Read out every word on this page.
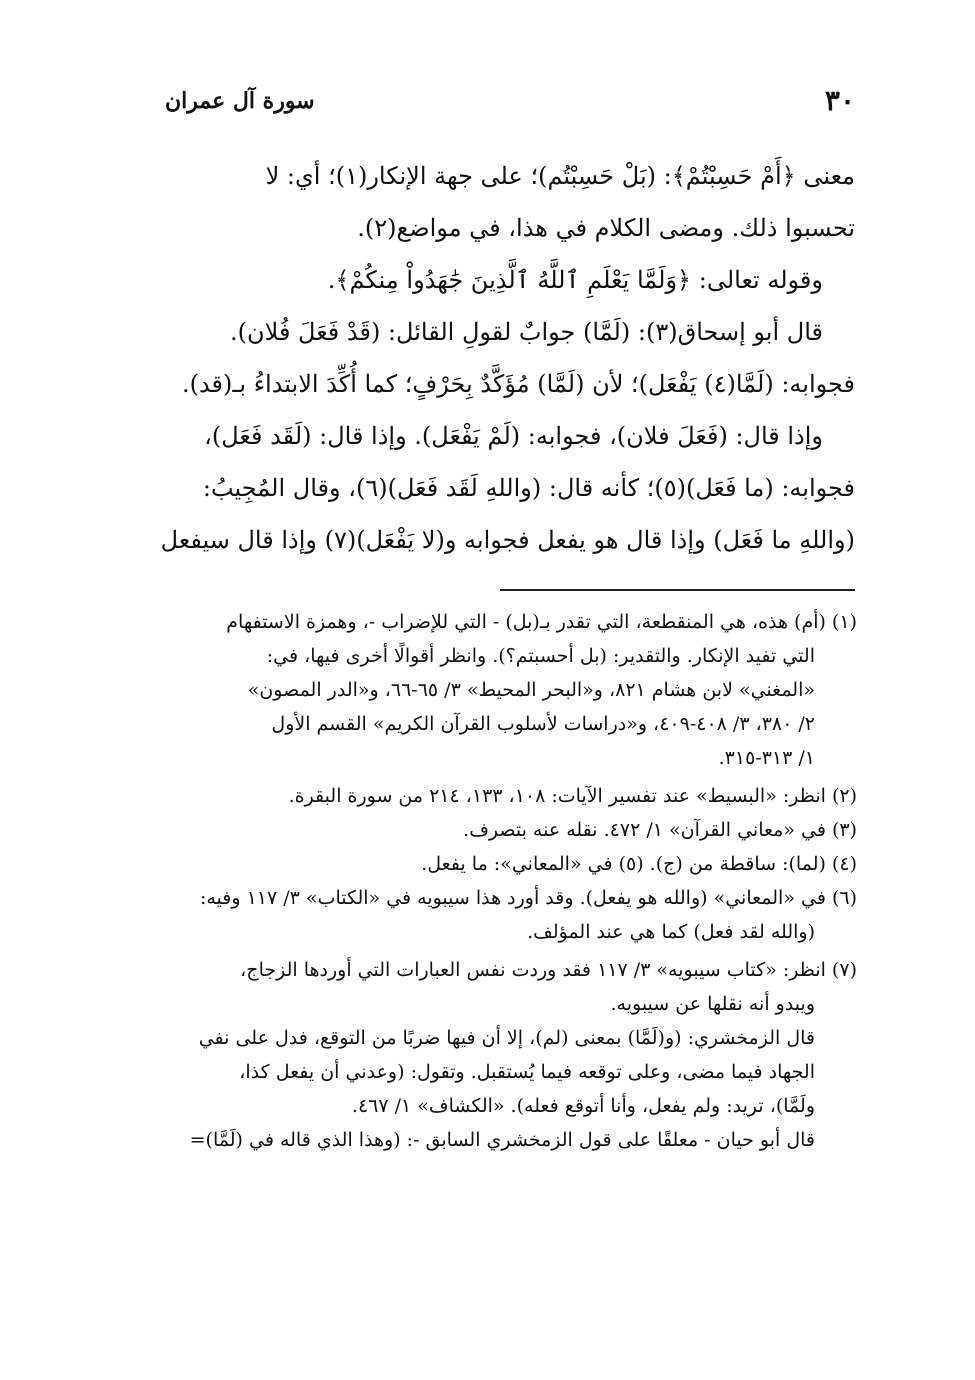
٣٠
سورة آل عمران
معنى ﴿أَمْ حَسِبْتُمْ﴾: (بَلْ حَسِبْتُم)؛ على جهة الإنكار(١)؛ أي: لا
تحسبوا ذلك. ومضى الكلام في هذا، في مواضع(٢).
وقوله تعالى: ﴿وَلَمَّا يَعْلَمِ ٱللَّهُ ٱلَّذِينَ جَٰهَدُواْ مِنكُمْ﴾.
قال أبو إسحاق(٣): (لَمَّا) جوابٌ لقولِ القائل: (قَدْ فَعَلَ فُلان).
فجوابه: (لَمَّا(٤) يَفْعَل)؛ لأن (لَمَّا) مُؤَكَّدٌ بِحَرْفٍ؛ كما أُكِّدَ الابتداءُ بـ(قد).
وإذا قال: (فَعَلَ فلان)، فجوابه: (لَمْ يَفْعَل). وإذا قال: (لَقَد فَعَل)،
فجوابه: (ما فَعَل)(٥)؛ كأنه قال: (واللهِ لَقَد فَعَل)(٦)، وقال المُجِيبُ:
(واللهِ ما فَعَل) وإذا قال هو يفعل فجوابه و(لا يَفْعَل)(٧) وإذا قال سيفعل
(١) (أم) هذه، هي المنقطعة، التي تقدر بـ(بل) - التي للإضراب -، وهمزة الاستفهام
التي تفيد الإنكار. والتقدير: (بل أحسبتم؟). وانظر أقوالًا أخرى فيها، في:
«المغني» لابن هشام ٨٢١، و«البحر المحيط» ٣/ ٦٥-٦٦، و«الدر المصون»
٢/ ٣٨٠، ٣/ ٤٠٨-٤٠٩، و«دراسات لأسلوب القرآن الكريم» القسم الأول
١/ ٣١٣-٣١٥.
(٢) انظر: «البسيط» عند تفسير الآيات: ١٠٨، ١٣٣، ٢١٤ من سورة البقرة.
(٣) في «معاني القرآن» ١/ ٤٧٢. نقله عنه بتصرف.
(٤) (لما): ساقطة من (ج). (٥) في «المعاني»: ما يفعل.
(٦) في «المعاني» (والله هو يفعل). وقد أورد هذا سيبويه في «الكتاب» ٣/ ١١٧ وفيه:
(والله لقد فعل) كما هي عند المؤلف.
(٧) انظر: «كتاب سيبويه» ٣/ ١١٧ فقد وردت نفس العبارات التي أوردها الزجاج،
ويبدو أنه نقلها عن سيبويه.
قال الزمخشري: (و(لَمَّا) بمعنى (لم)، إلا أن فيها ضربًا من التوقع، فدل على نفي
الجهاد فيما مضى، وعلى توقعه فيما يُستقبل. وتقول: (وعدني أن يفعل كذا،
ولَمَّا)، تريد: ولم يفعل، وأنا أتوقع فعله). «الكشاف» ١/ ٤٦٧.
قال أبو حيان - معلقًا على قول الزمخشري السابق -: (وهذا الذي قاله في (لَمَّا)=
